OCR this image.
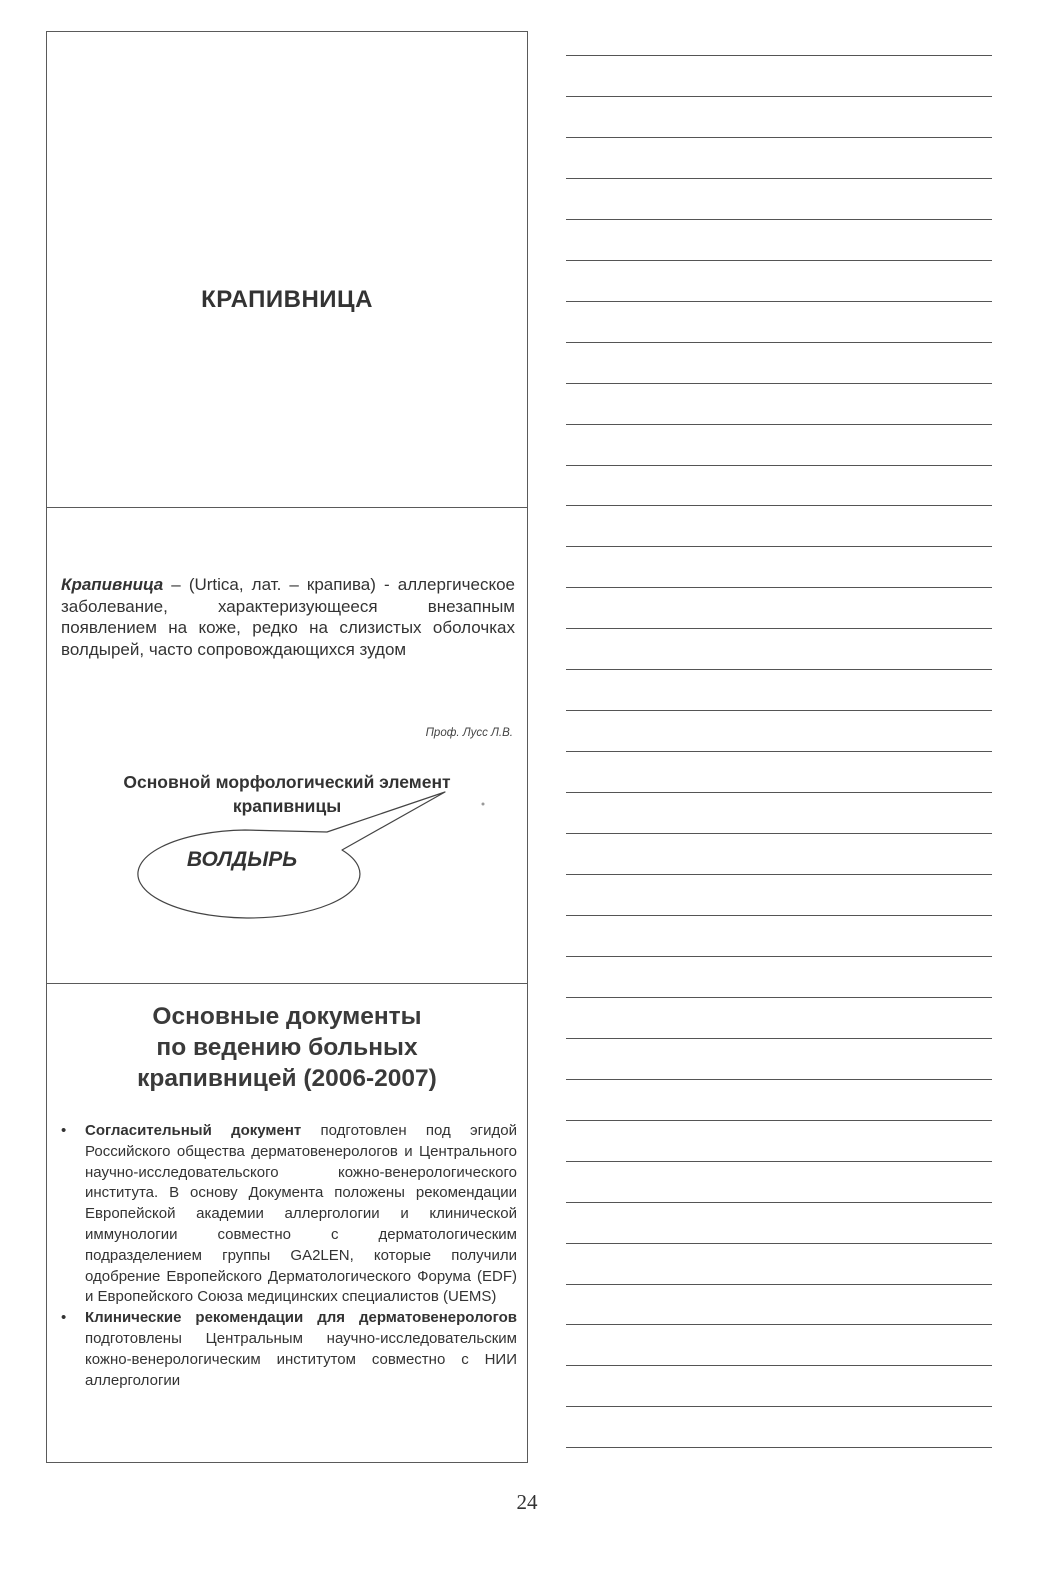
КРАПИВНИЦА
Крапивница – (Urtica, лат. – крапива) - аллергическое заболевание, характеризующееся внезапным появлением на коже, редко на слизистых оболочках волдырей, часто сопровождающихся зудом
Проф. Лусс Л.В.
Основной морфологический элемент
крапивницы
ВОЛДЫРЬ
Основные документы
по ведению больных
крапивницей (2006-2007)
•	Согласительный документ подготовлен под эгидой Российского общества дерматовенерологов и Центрального научно-исследовательского кожно-венерологического института. В основу Документа положены рекомендации Европейской академии аллергологии и клинической иммунологии совместно с дерматологическим подразделением группы GA2LEN, которые получили одобрение Европейского Дерматологического Форума (EDF) и Европейского Союза медицинских специалистов (UEMS)
•	Клинические рекомендации для дерматовенерологов подготовлены Центральным научно-исследовательским кожно-венерологическим институтом совместно с НИИ аллергологии
24
